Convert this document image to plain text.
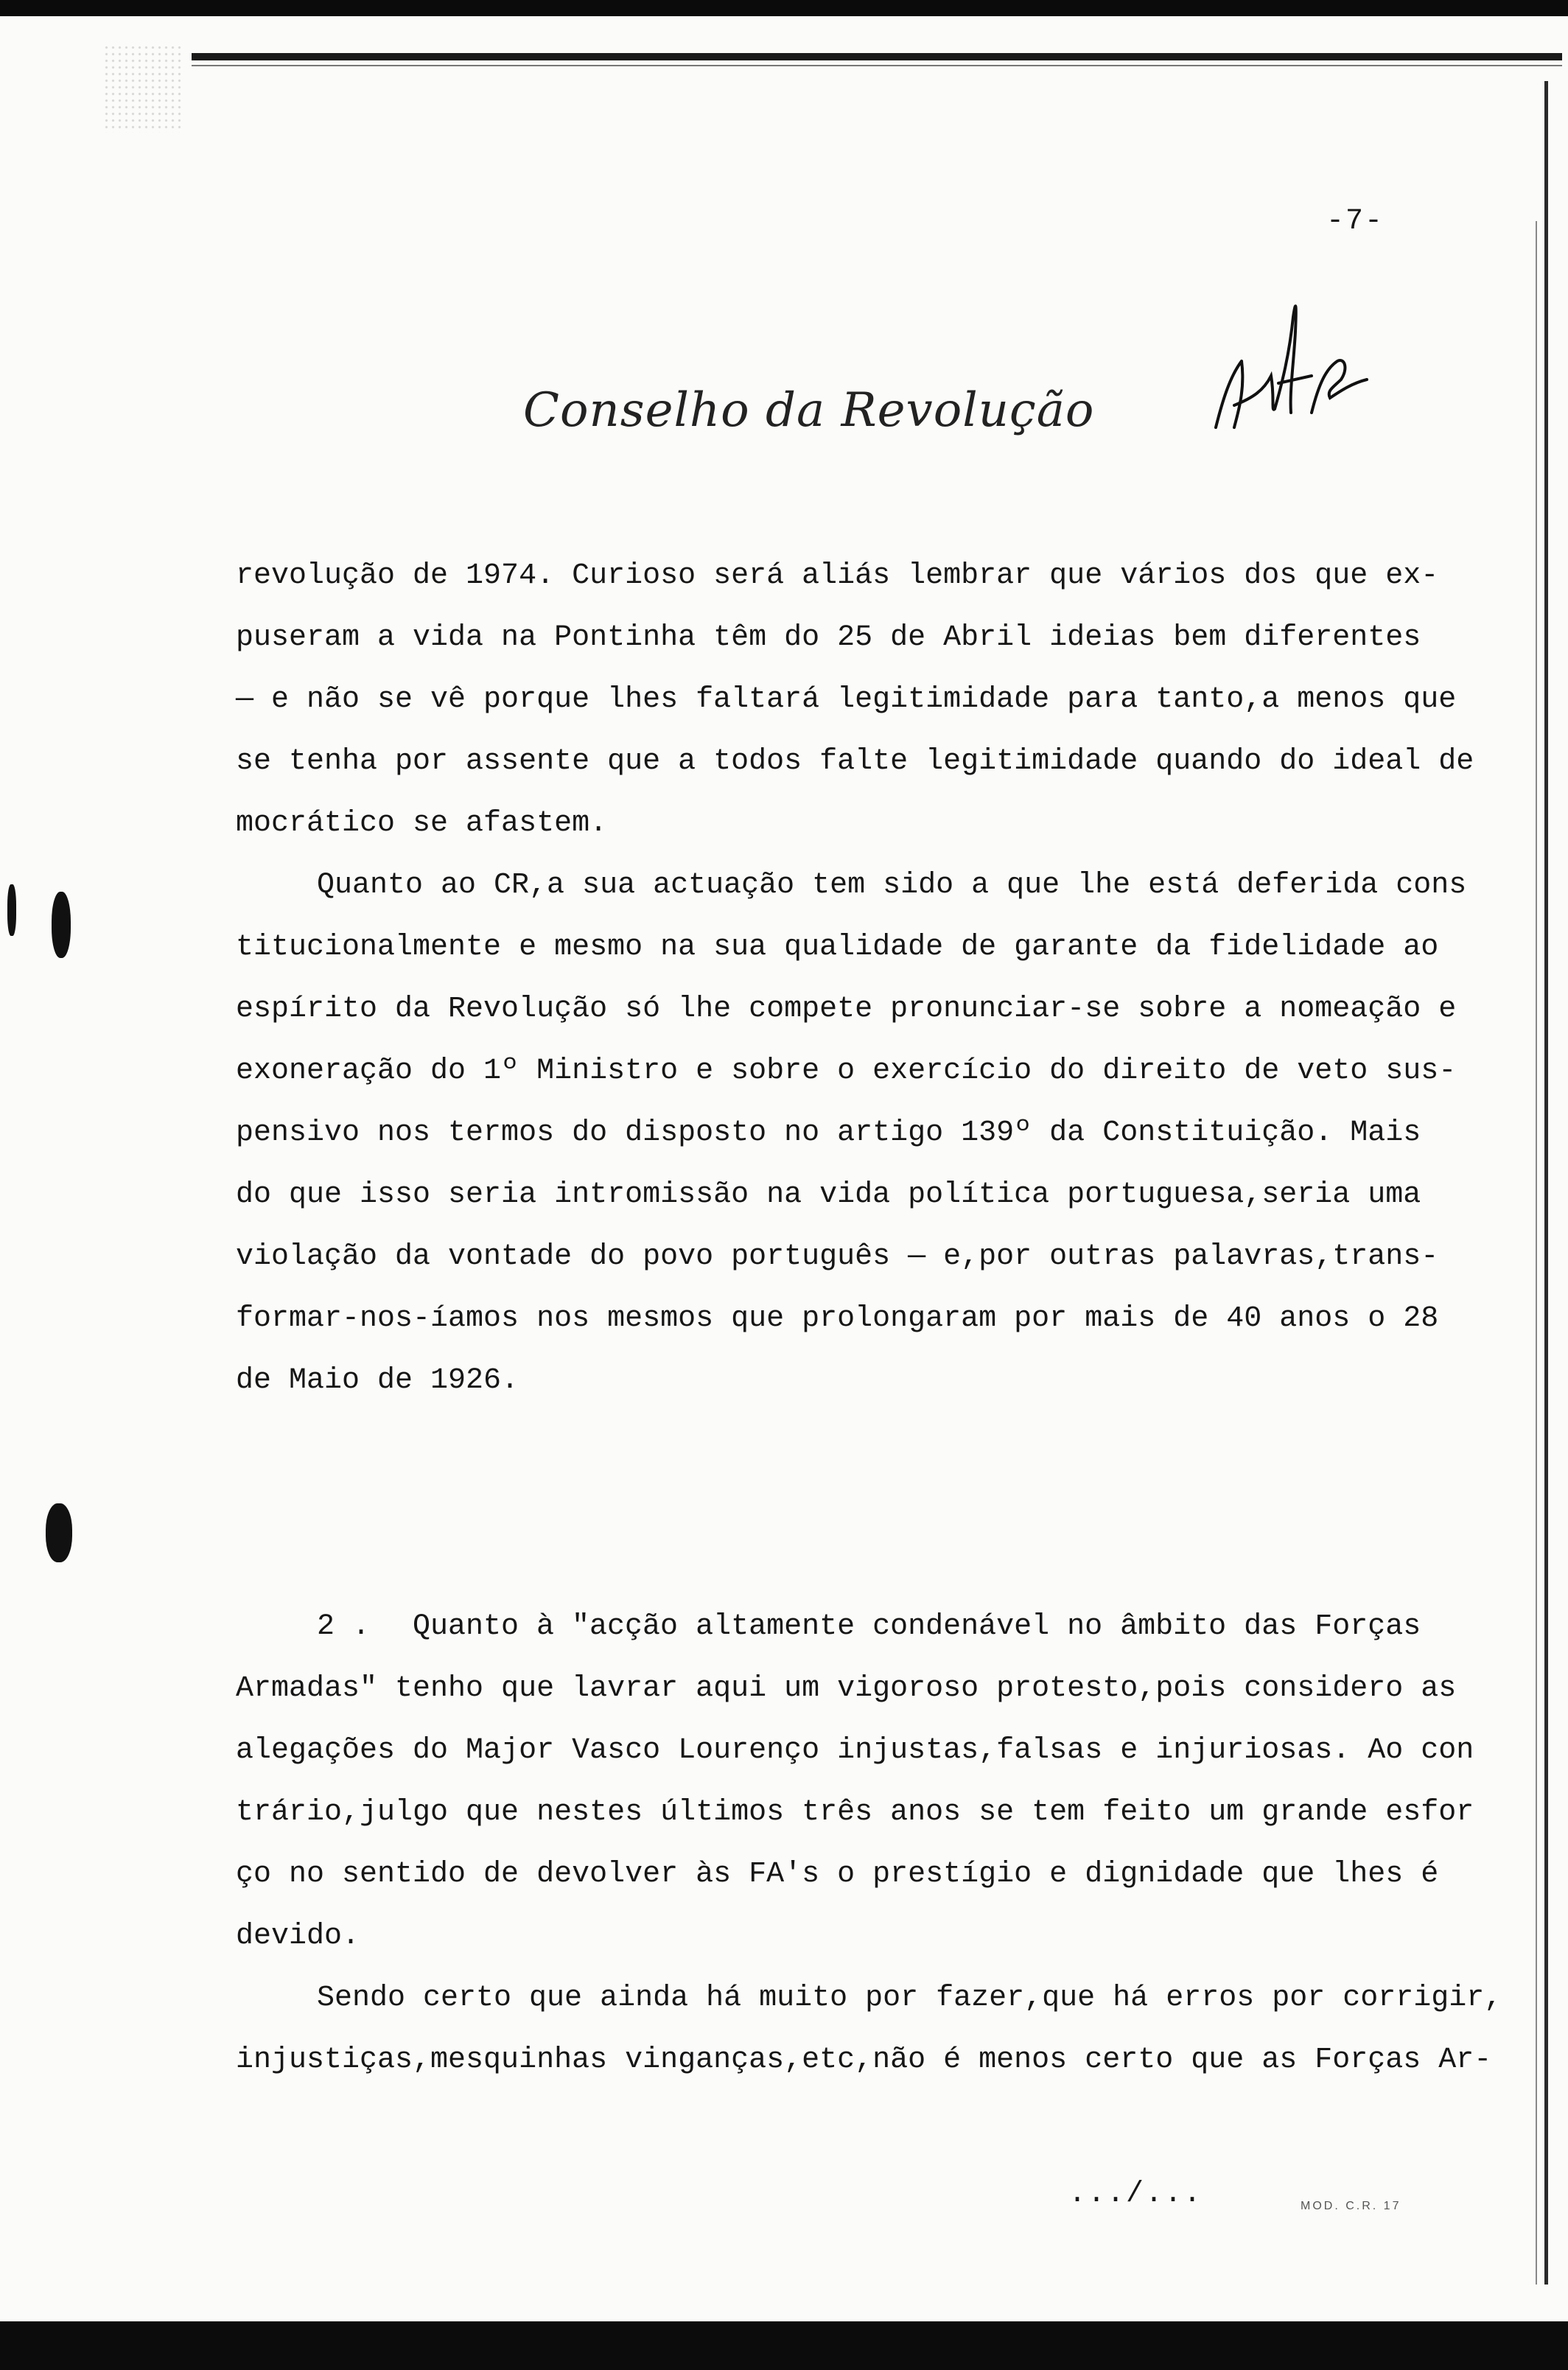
-7-
Conselho da Revolução

revolução de 1974. Curioso será aliás lembrar que vários dos que ex-
puseram a vida na Pontinha têm do 25 de Abril ideias bem diferentes
— e não se vê porque lhes faltará legitimidade para tanto,a menos que
se tenha por assente que a todos falte legitimidade quando do ideal de
mocrático se afastem.

Quanto ao CR,a sua actuação tem sido a que lhe está deferida cons
titucionalmente e mesmo na sua qualidade de garante da fidelidade ao
espírito da Revolução só lhe compete pronunciar-se sobre a nomeação e
exoneração do 1º Ministro e sobre o exercício do direito de veto sus-
pensivo nos termos do disposto no artigo 139º da Constituição. Mais
do que isso seria intromissão na vida política portuguesa,seria uma
violação da vontade do povo português — e,por outras palavras,trans-
formar-nos-íamos nos mesmos que prolongaram por mais de 40 anos o 28
de Maio de 1926.

2 . Quanto à "acção altamente condenável no âmbito das Forças
Armadas" tenho que lavrar aqui um vigoroso protesto,pois considero as
alegações do Major Vasco Lourenço injustas,falsas e injuriosas. Ao con
trário,julgo que nestes últimos três anos se tem feito um grande esfor
ço no sentido de devolver às FA's o prestígio e dignidade que lhes é
devido.

Sendo certo que ainda há muito por fazer,que há erros por corrigir,
injustiças,mesquinhas vinganças,etc,não é menos certo que as Forças Ar-

.../...	MOD. C.R. 17
